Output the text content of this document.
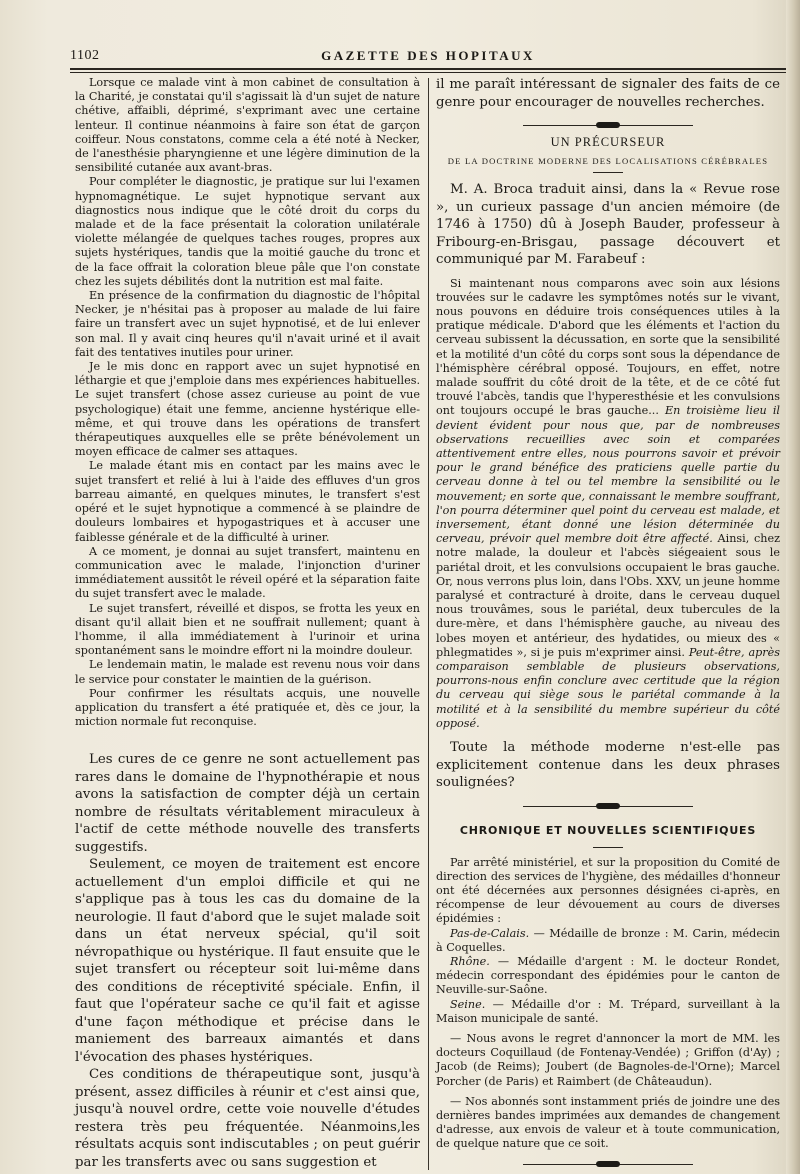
1102	GAZETTE DES HOPITAUX

Lorsque ce malade vint à mon cabinet de consultation à la Charité, je constatai qu'il s'agissait là d'un sujet de nature chétive, affaibli, déprimé, s'exprimant avec une certaine lenteur. Il continue néanmoins à faire son état de garçon coiffeur. Nous constatons, comme cela a été noté à Necker, de l'anesthésie pharyngienne et une légère diminution de la sensibilité cutanée aux avant-bras.

Pour compléter le diagnostic, je pratique sur lui l'examen hypnomagnétique. Le sujet hypnotique servant aux diagnostics nous indique que le côté droit du corps du malade et de la face présentait la coloration unilatérale violette mélangée de quelques taches rouges, propres aux sujets hystériques, tandis que la moitié gauche du tronc et de la face offrait la coloration bleue pâle que l'on constate chez les sujets débilités dont la nutrition est mal faite.

En présence de la confirmation du diagnostic de l'hôpital Necker, je n'hésitai pas à proposer au malade de lui faire faire un transfert avec un sujet hypnotisé, et de lui enlever son mal. Il y avait cinq heures qu'il n'avait uriné et il avait fait des tentatives inutiles pour uriner.

Je le mis donc en rapport avec un sujet hypnotisé en léthargie et que j'emploie dans mes expériences habituelles. Le sujet transfert (chose assez curieuse au point de vue psychologique) était une femme, ancienne hystérique elle-même, et qui trouve dans les opérations de transfert thérapeutiques auxquelles elle se prête bénévolement un moyen efficace de calmer ses attaques.

Le malade étant mis en contact par les mains avec le sujet transfert et relié à lui à l'aide des effluves d'un gros barreau aimanté, en quelques minutes, le transfert s'est opéré et le sujet hypnotique a commencé à se plaindre de douleurs lombaires et hypogastriques et à accuser une faiblesse générale et de la difficulté à uriner.

A ce moment, je donnai au sujet transfert, maintenu en communication avec le malade, l'injonction d'uriner immédiatement aussitôt le réveil opéré et la séparation faite du sujet transfert avec le malade.

Le sujet transfert, réveillé et dispos, se frotta les yeux en disant qu'il allait bien et ne souffrait nullement; quant à l'homme, il alla immédiatement à l'urinoir et urina spontanément sans le moindre effort ni la moindre douleur.

Le lendemain matin, le malade est revenu nous voir dans le service pour constater le maintien de la guérison.

Pour confirmer les résultats acquis, une nouvelle application du transfert a été pratiquée et, dès ce jour, la miction normale fut reconquise.

Les cures de ce genre ne sont actuellement pas rares dans le domaine de l'hypnothérapie et nous avons la satisfaction de compter déjà un certain nombre de résultats véritablement miraculeux à l'actif de cette méthode nouvelle des transferts suggestifs.

Seulement, ce moyen de traitement est encore actuellement d'un emploi difficile et qui ne s'applique pas à tous les cas du domaine de la neurologie. Il faut d'abord que le sujet malade soit dans un état nerveux spécial, qu'il soit névropathique ou hystérique. Il faut ensuite que le sujet transfert ou récepteur soit lui-même dans des conditions de réceptivité spéciale. Enfin, il faut que l'opérateur sache ce qu'il fait et agisse d'une façon méthodique et précise dans le maniement des barreaux aimantés et dans l'évocation des phases hystériques.

Ces conditions de thérapeutique sont, jusqu'à présent, assez difficiles à réunir et c'est ainsi que, jusqu'à nouvel ordre, cette voie nouvelle d'études restera très peu fréquentée. Néanmoins,les résultats acquis sont indiscutables ; on peut guérir par les transferts avec ou sans suggestion et

il me paraît intéressant de signaler des faits de ce genre pour encourager de nouvelles recherches.

UN PRÉCURSEUR
DE LA DOCTRINE MODERNE DES LOCALISATIONS CÉRÉBRALES

M. A. Broca traduit ainsi, dans la « Revue rose », un curieux passage d'un ancien mémoire (de 1746 à 1750) dû à Joseph Bauder, professeur à Fribourg-en-Brisgau, passage découvert et communiqué par M. Farabeuf :

Si maintenant nous comparons avec soin aux lésions trouvées sur le cadavre les symptômes notés sur le vivant, nous pouvons en déduire trois conséquences utiles à la pratique médicale. D'abord que les éléments et l'action du cerveau subissent la décussation, en sorte que la sensibilité et la motilité d'un côté du corps sont sous la dépendance de l'hémisphère cérébral opposé. Toujours, en effet, notre malade souffrit du côté droit de la tête, et de ce côté fut trouvé l'abcès, tandis que l'hyperesthésie et les convulsions ont toujours occupé le bras gauche... En troisième lieu il devient évident pour nous que, par de nombreuses observations recueillies avec soin et comparées attentivement entre elles, nous pourrons savoir et prévoir pour le grand bénéfice des praticiens quelle partie du cerveau donne à tel ou tel membre la sensibilité ou le mouvement; en sorte que, connaissant le membre souffrant, l'on pourra déterminer quel point du cerveau est malade, et inversement, étant donné une lésion déterminée du cerveau, prévoir quel membre doit être affecté. Ainsi, chez notre malade, la douleur et l'abcès siégeaient sous le pariétal droit, et les convulsions occupaient le bras gauche. Or, nous verrons plus loin, dans l'Obs. XXV, un jeune homme paralysé et contracturé à droite, dans le cerveau duquel nous trouvâmes, sous le pariétal, deux tubercules de la dure-mère, et dans l'hémisphère gauche, au niveau des lobes moyen et antérieur, des hydatides, ou mieux des « phlegmatides », si je puis m'exprimer ainsi. Peut-être, après comparaison semblable de plusieurs observations, pourrons-nous enfin conclure avec certitude que la région du cerveau qui siège sous le pariétal commande à la motilité et à la sensibilité du membre supérieur du côté opposé.

Toute la méthode moderne n'est-elle pas explicitement contenue dans les deux phrases soulignées?

CHRONIQUE ET NOUVELLES SCIENTIFIQUES

Par arrêté ministériel, et sur la proposition du Comité de direction des services de l'hygiène, des médailles d'honneur ont été décernées aux personnes désignées ci-après, en récompense de leur dévouement au cours de diverses épidémies :

Pas-de-Calais. — Médaille de bronze : M. Carin, médecin à Coquelles.

Rhône. — Médaille d'argent : M. le docteur Rondet, médecin correspondant des épidémies pour le canton de Neuville-sur-Saône.

Seine. — Médaille d'or : M. Trépard, surveillant à la Maison municipale de santé.

— Nous avons le regret d'annoncer la mort de MM. les docteurs Coquillaud (de Fontenay-Vendée) ; Griffon (d'Ay) ; Jacob (de Reims); Joubert (de Bagnoles-de-l'Orne); Marcel Porcher (de Paris) et Raimbert (de Châteaudun).

— Nos abonnés sont instamment priés de joindre une des dernières bandes imprimées aux demandes de changement d'adresse, aux envois de valeur et à toute communication, de quelque nature que ce soit.
